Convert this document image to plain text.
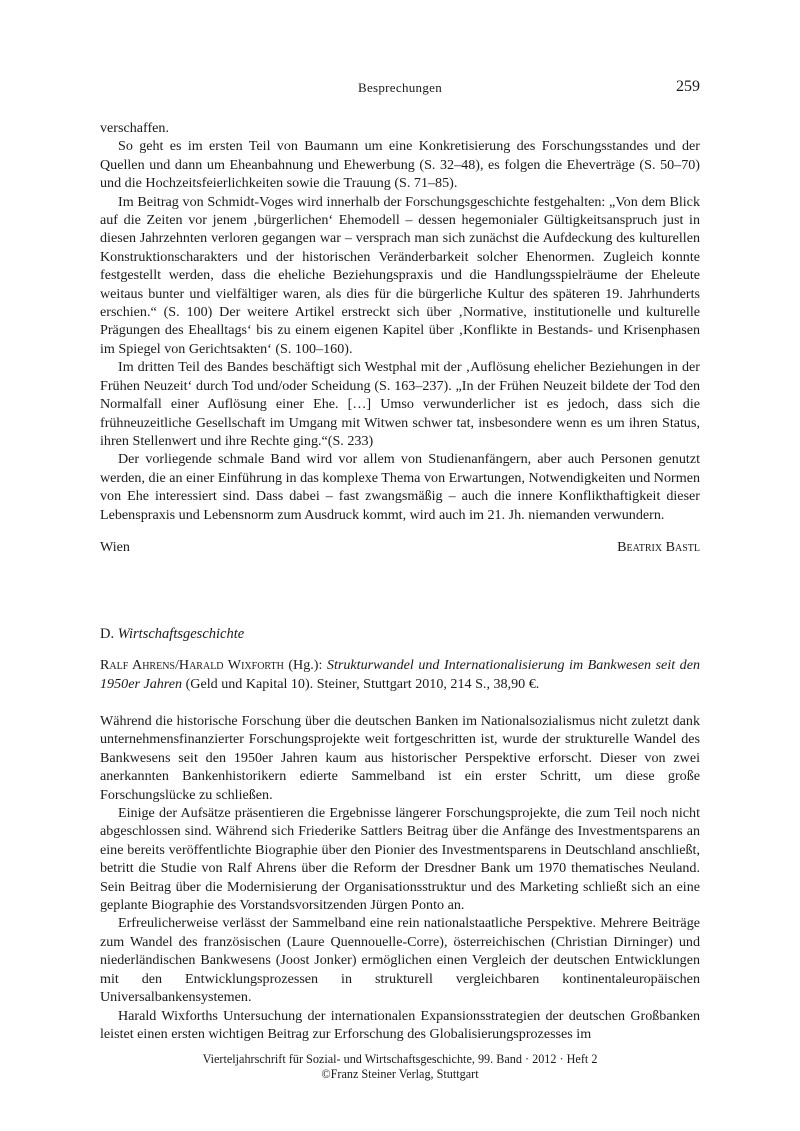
Besprechungen	259

verschaffen.

So geht es im ersten Teil von Baumann um eine Konkretisierung des Forschungsstandes und der Quellen und dann um Eheanbahnung und Ehewerbung (S. 32–48), es folgen die Eheverträge (S. 50–70) und die Hochzeitsfeierlichkeiten sowie die Trauung (S. 71–85).

Im Beitrag von Schmidt-Voges wird innerhalb der Forschungsgeschichte festgehalten: „Von dem Blick auf die Zeiten vor jenem ‚bürgerlichen‘ Ehemodell – dessen hegemonialer Gültigkeitsanspruch just in diesen Jahrzehnten verloren gegangen war – versprach man sich zunächst die Aufdeckung des kulturellen Konstruktionscharakters und der historischen Veränderbarkeit solcher Ehenormen. Zugleich konnte festgestellt werden, dass die eheliche Beziehungspraxis und die Handlungsspielräume der Eheleute weitaus bunter und vielfältiger waren, als dies für die bürgerliche Kultur des späteren 19. Jahrhunderts erschien.“ (S. 100) Der weitere Artikel erstreckt sich über ‚Normative, institutionelle und kulturelle Prägungen des Ehealltags‘ bis zu einem eigenen Kapitel über ‚Konflikte in Bestands- und Krisenphasen im Spiegel von Gerichtsakten‘ (S. 100–160).

Im dritten Teil des Bandes beschäftigt sich Westphal mit der ‚Auflösung ehelicher Beziehungen in der Frühen Neuzeit‘ durch Tod und/oder Scheidung (S. 163–237). „In der Frühen Neuzeit bildete der Tod den Normalfall einer Auflösung einer Ehe. […] Umso verwunderlicher ist es jedoch, dass sich die frühneuzeitliche Gesellschaft im Umgang mit Witwen schwer tat, insbesondere wenn es um ihren Status, ihren Stellenwert und ihre Rechte ging.“(S. 233)

Der vorliegende schmale Band wird vor allem von Studienanfängern, aber auch Personen genutzt werden, die an einer Einführung in das komplexe Thema von Erwartungen, Notwendigkeiten und Normen von Ehe interessiert sind. Dass dabei – fast zwangsmäßig – auch die innere Konflikthaftigkeit dieser Lebenspraxis und Lebensnorm zum Ausdruck kommt, wird auch im 21. Jh. niemanden verwundern.

Wien	Beatrix Bastl
D. Wirtschaftsgeschichte
Ralf Ahrens/Harald Wixforth (Hg.): Strukturwandel und Internationalisierung im Bankwesen seit den 1950er Jahren (Geld und Kapital 10). Steiner, Stuttgart 2010, 214 S., 38,90 €.

Während die historische Forschung über die deutschen Banken im Nationalsozialismus nicht zuletzt dank unternehmensfinanzierter Forschungsprojekte weit fortgeschritten ist, wurde der strukturelle Wandel des Bankwesens seit den 1950er Jahren kaum aus historischer Perspektive erforscht. Dieser von zwei anerkannten Bankenhistorikern edierte Sammelband ist ein erster Schritt, um diese große Forschungslücke zu schließen.

Einige der Aufsätze präsentieren die Ergebnisse längerer Forschungsprojekte, die zum Teil noch nicht abgeschlossen sind. Während sich Friederike Sattlers Beitrag über die Anfänge des Investmentsparens an eine bereits veröffentlichte Biographie über den Pionier des Investmentsparens in Deutschland anschließt, betritt die Studie von Ralf Ahrens über die Reform der Dresdner Bank um 1970 thematisches Neuland. Sein Beitrag über die Modernisierung der Organisationsstruktur und des Marketing schließt sich an eine geplante Biographie des Vorstandsvorsitzenden Jürgen Ponto an.

Erfreulicherweise verlässt der Sammelband eine rein nationalstaatliche Perspektive. Mehrere Beiträge zum Wandel des französischen (Laure Quennouelle-Corre), österreichischen (Christian Dirninger) und niederländischen Bankwesens (Joost Jonker) ermöglichen einen Vergleich der deutschen Entwicklungen mit den Entwicklungsprozessen in strukturell vergleichbaren kontinentaleuropäischen Universalbankensystemen.

Harald Wixforths Untersuchung der internationalen Expansionsstrategien der deutschen Großbanken leistet einen ersten wichtigen Beitrag zur Erforschung des Globalisierungsprozesses im

Vierteljahrschrift für Sozial- und Wirtschaftsgeschichte, 99. Band · 2012 · Heft 2
©Franz Steiner Verlag, Stuttgart
